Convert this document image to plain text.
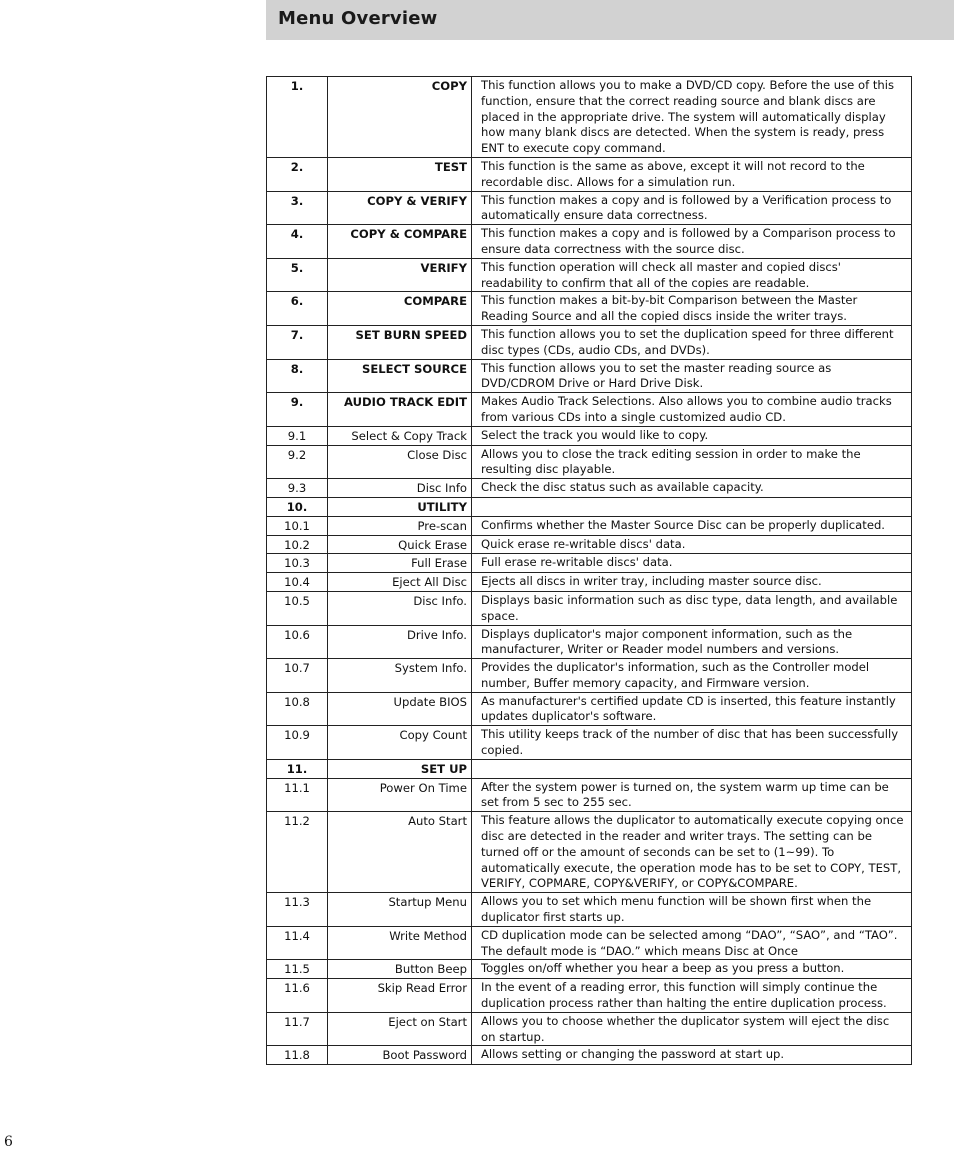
Menu Overview
1.	COPY	This function allows you to make a DVD/CD copy. Before the use of this function, ensure that the correct reading source and blank discs are placed in the appropriate drive. The system will automatically display how many blank discs are detected. When the system is ready, press ENT to execute copy command.
2.	TEST	This function is the same as above, except it will not record to the recordable disc. Allows for a simulation run.
3.	COPY & VERIFY	This function makes a copy and is followed by a Verification process to automatically ensure data correctness.
4.	COPY & COMPARE	This function makes a copy and is followed by a Comparison process to ensure data correctness with the source disc.
5.	VERIFY	This function operation will check all master and copied discs' readability to confirm that all of the copies are readable.
6.	COMPARE	This function makes a bit-by-bit Comparison between the Master Reading Source and all the copied discs inside the writer trays.
7.	SET BURN SPEED	This function allows you to set the duplication speed for three different disc types (CDs, audio CDs, and DVDs).
8.	SELECT SOURCE	This function allows you to set the master reading source as DVD/CDROM Drive or Hard Drive Disk.
9.	AUDIO TRACK EDIT	Makes Audio Track Selections. Also allows you to combine audio tracks from various CDs into a single customized audio CD.
9.1	Select & Copy Track	Select the track you would like to copy.
9.2	Close Disc	Allows you to close the track editing session in order to make the resulting disc playable.
9.3	Disc Info	Check the disc status such as available capacity.
10.	UTILITY	
10.1	Pre-scan	Confirms whether the Master Source Disc can be properly duplicated.
10.2	Quick Erase	Quick erase re-writable discs' data.
10.3	Full Erase	Full erase re-writable discs' data.
10.4	Eject All Disc	Ejects all discs in writer tray, including master source disc.
10.5	Disc Info.	Displays basic information such as disc type, data length, and available space.
10.6	Drive Info.	Displays duplicator's major component information, such as the manufacturer, Writer or Reader model numbers and versions.
10.7	System Info.	Provides the duplicator's information, such as the Controller model number, Buffer memory capacity, and Firmware version.
10.8	Update BIOS	As manufacturer's certified update CD is inserted, this feature instantly updates duplicator's software.
10.9	Copy Count	This utility keeps track of the number of disc that has been successfully copied.
11.	SET UP	
11.1	Power On Time	After the system power is turned on, the system warm up time can be set from 5 sec to 255 sec.
11.2	Auto Start	This feature allows the duplicator to automatically execute copying once disc are detected in the reader and writer trays. The setting can be turned off or the amount of seconds can be set to (1~99). To automatically execute, the operation mode has to be set to COPY, TEST, VERIFY, COPMARE, COPY&VERIFY, or COPY&COMPARE.
11.3	Startup Menu	Allows you to set which menu function will be shown first when the duplicator first starts up.
11.4	Write Method	CD duplication mode can be selected among “DAO”, “SAO”, and “TAO”. The default mode is “DAO.” which means Disc at Once
11.5	Button Beep	Toggles on/off whether you hear a beep as you press a button.
11.6	Skip Read Error	In the event of a reading error, this function will simply continue the duplication process rather than halting the entire duplication process.
11.7	Eject on Start	Allows you to choose whether the duplicator system will eject the disc on startup.
11.8	Boot Password	Allows setting or changing the password at start up.
6
